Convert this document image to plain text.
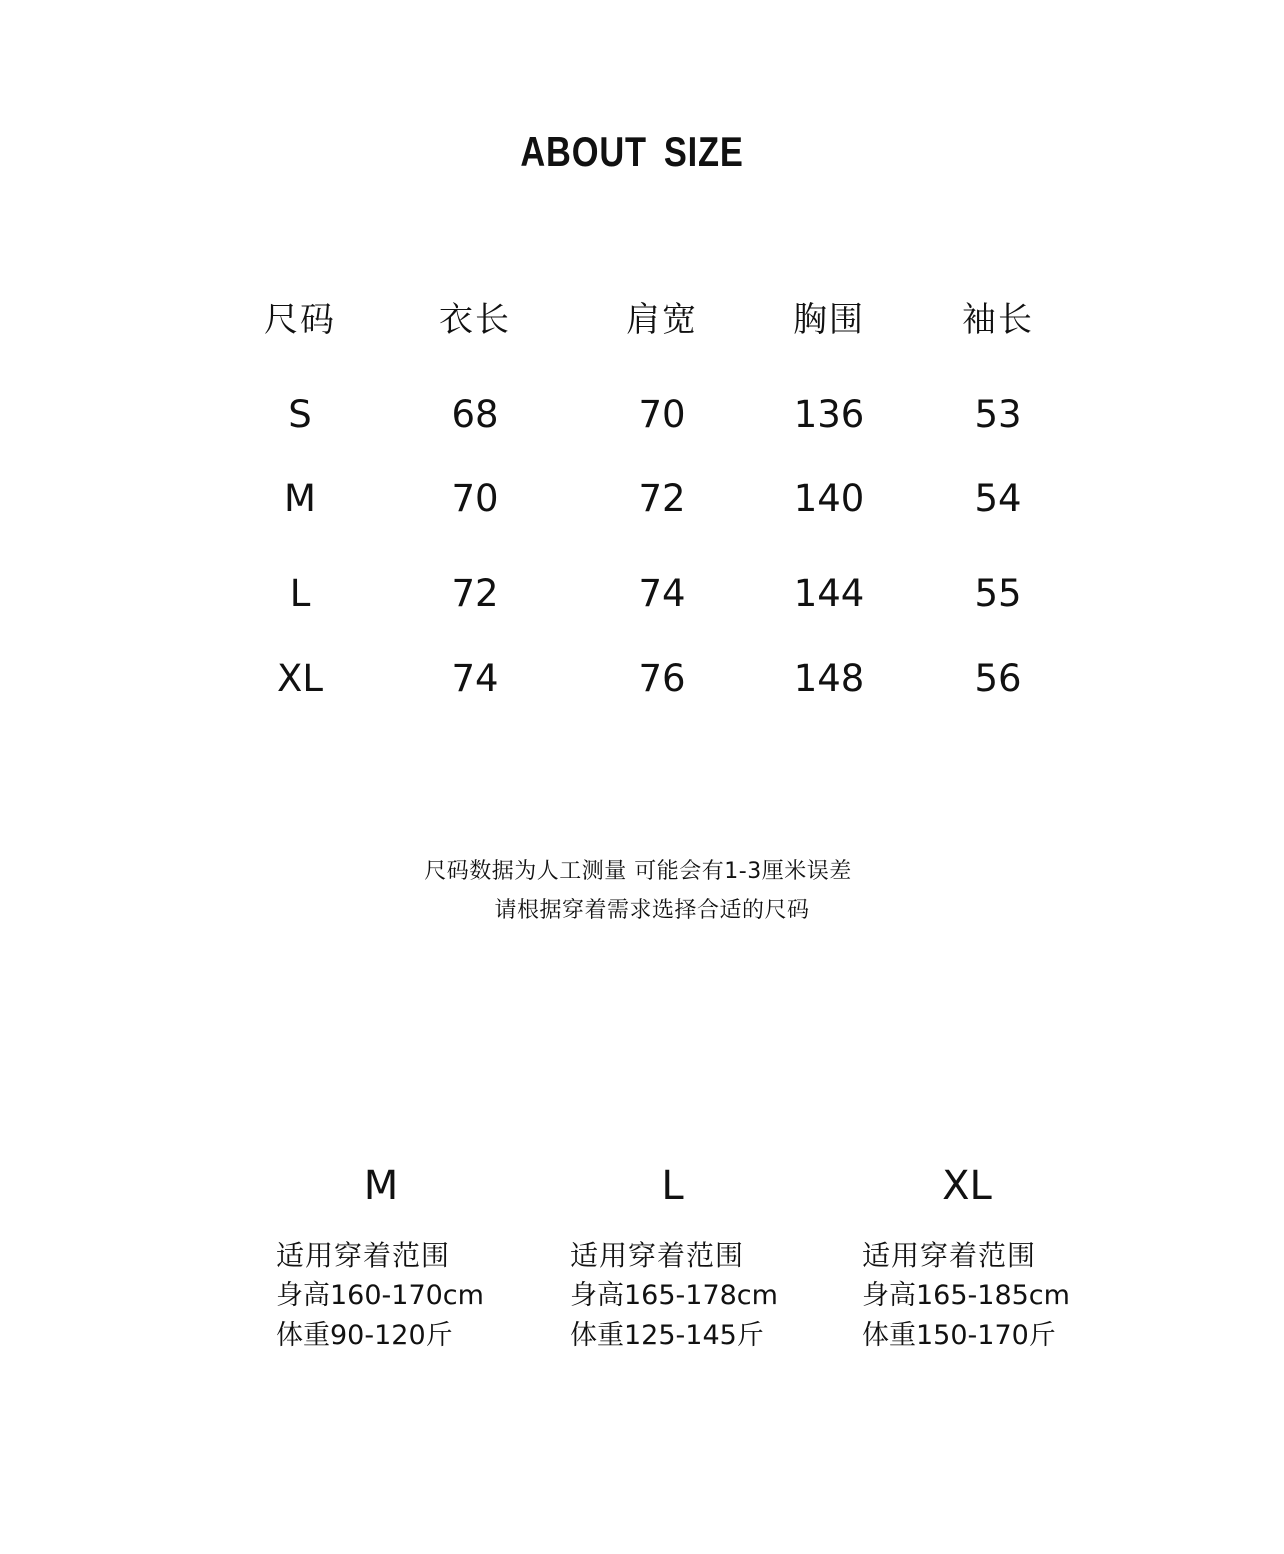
ABOUT SIZE
尺码	衣长	肩宽	胸围	袖长
S	68	70	136	53
M	70	72	140	54
L	72	74	144	55
XL	74	76	148	56
尺码数据为人工测量 可能会有1-3厘米误差
请根据穿着需求选择合适的尺码
M
适用穿着范围
身高160-170cm
体重90-120斤
L
适用穿着范围
身高165-178cm
体重125-145斤
XL
适用穿着范围
身高165-185cm
体重150-170斤
